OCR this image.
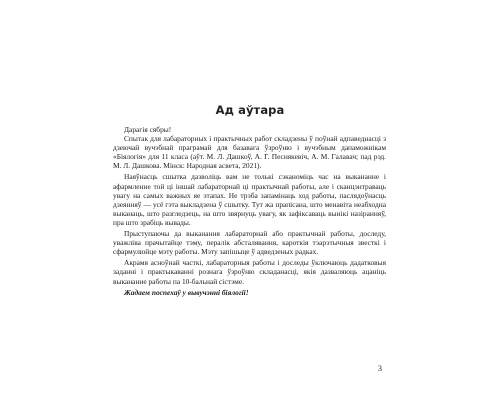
Ад аўтара

Дарагія сябры!

Спытак для лабараторных і практычных работ складзены ў поўнай адпаведнасці з дзеючай вучэбнай праграмай для базавага ўзроўню і вучэбным дапаможнікам «Біялогія» для 11 класа (аўт. М. Л. Дашкоў, А. Г. Песнякевіч, А. М. Галавач; пад рэд. М. Л. Дашкова. Мінск: Народная асвета, 2021).

Наяўнасць сшытка дазволіць вам не толькі сэканоміць час на выкананне і афармленне той ці іншай лабараторнай ці практычнай работы, але і сканцэнтраваць увагу на самых важных яе этапах. Не трэба запамінаць ход работы, паслядоўнасць дзеянняў — усё гэта выкладзена ў сшытку. Тут жа прапісана, што менавіта неабходна выканаць, што разгледзець, на што звярнуць увагу, як зафіксаваць вынікі назіранняў, пра што зрабіць вывады.

Прыступаючы да выканання лабараторнай або практычнай работы, доследу, уважліва прачытайце тэму, пералік абсталявання, кароткія тэарэтычныя звесткі і сфармулюйце мэту работы. Мэту запішыце ў адведзеных радках.

Акрамя асноўнай часткі, лабараторныя работы і доследы ўключаюць дадатковыя заданні і практыкаванні рознага ўзроўню складанасці, якія дазваляюць ацаніць выкананне работы па 10-бальнай сістэме.

Жадаем поспехаў у вывучэнні біялогіі!

3
